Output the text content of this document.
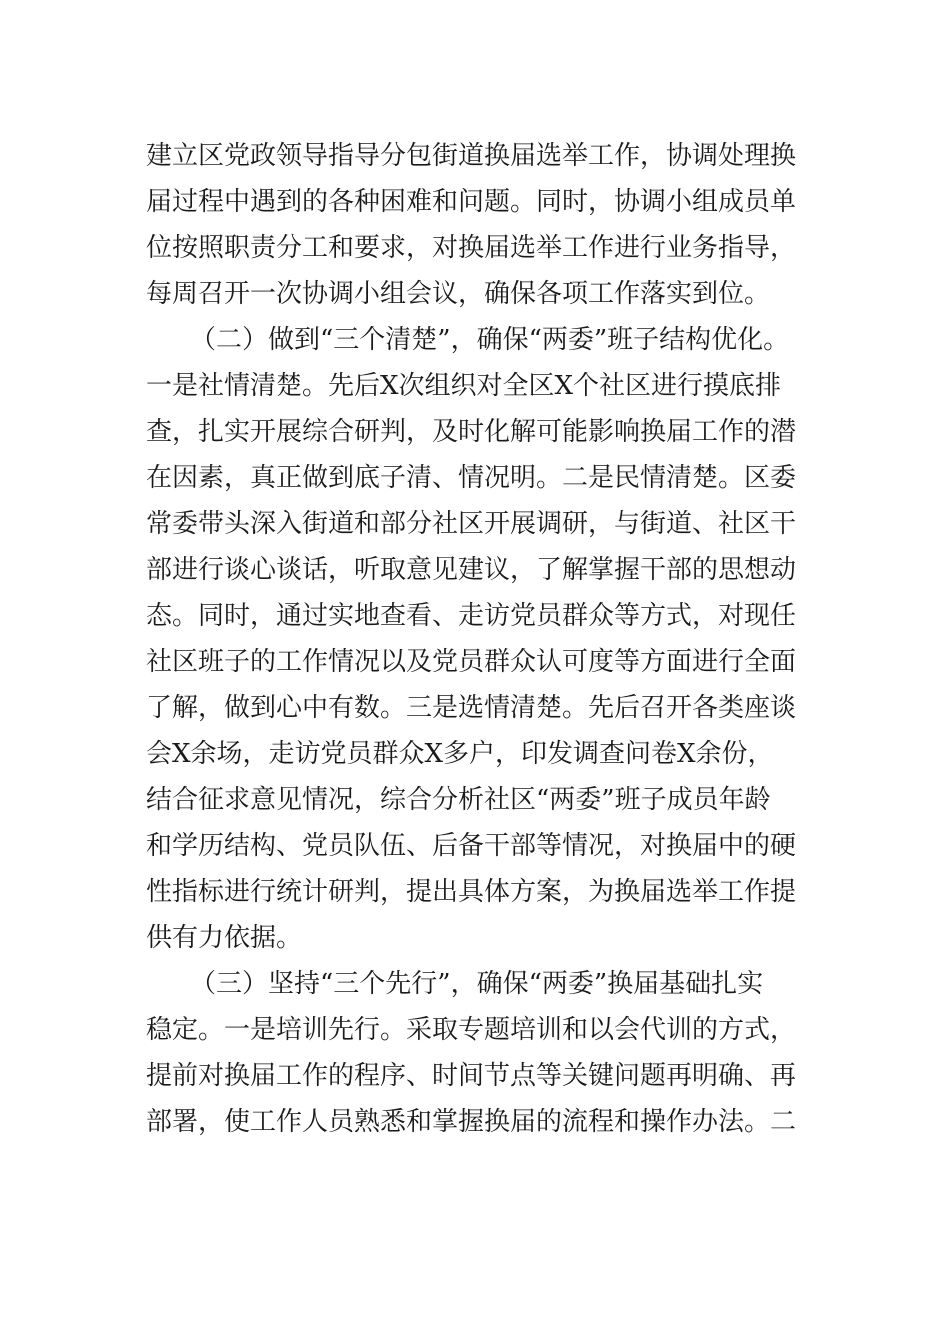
建立区党政领导指导分包街道换届选举工作，协调处理换
届过程中遇到的各种困难和问题。同时，协调小组成员单
位按照职责分工和要求，对换届选举工作进行业务指导，
每周召开一次协调小组会议，确保各项工作落实到位。
（二）做到“三个清楚”，确保“两委”班子结构优化。
一是社情清楚。先后X次组织对全区X个社区进行摸底排
查，扎实开展综合研判，及时化解可能影响换届工作的潜
在因素，真正做到底子清、情况明。二是民情清楚。区委
常委带头深入街道和部分社区开展调研，与街道、社区干
部进行谈心谈话，听取意见建议，了解掌握干部的思想动
态。同时，通过实地查看、走访党员群众等方式，对现任
社区班子的工作情况以及党员群众认可度等方面进行全面
了解，做到心中有数。三是选情清楚。先后召开各类座谈
会X余场，走访党员群众X多户，印发调查问卷X余份，
结合征求意见情况，综合分析社区“两委”班子成员年龄
和学历结构、党员队伍、后备干部等情况，对换届中的硬
性指标进行统计研判，提出具体方案，为换届选举工作提
供有力依据。
（三）坚持“三个先行”，确保“两委”换届基础扎实
稳定。一是培训先行。采取专题培训和以会代训的方式，
提前对换届工作的程序、时间节点等关键问题再明确、再
部署，使工作人员熟悉和掌握换届的流程和操作办法。二
